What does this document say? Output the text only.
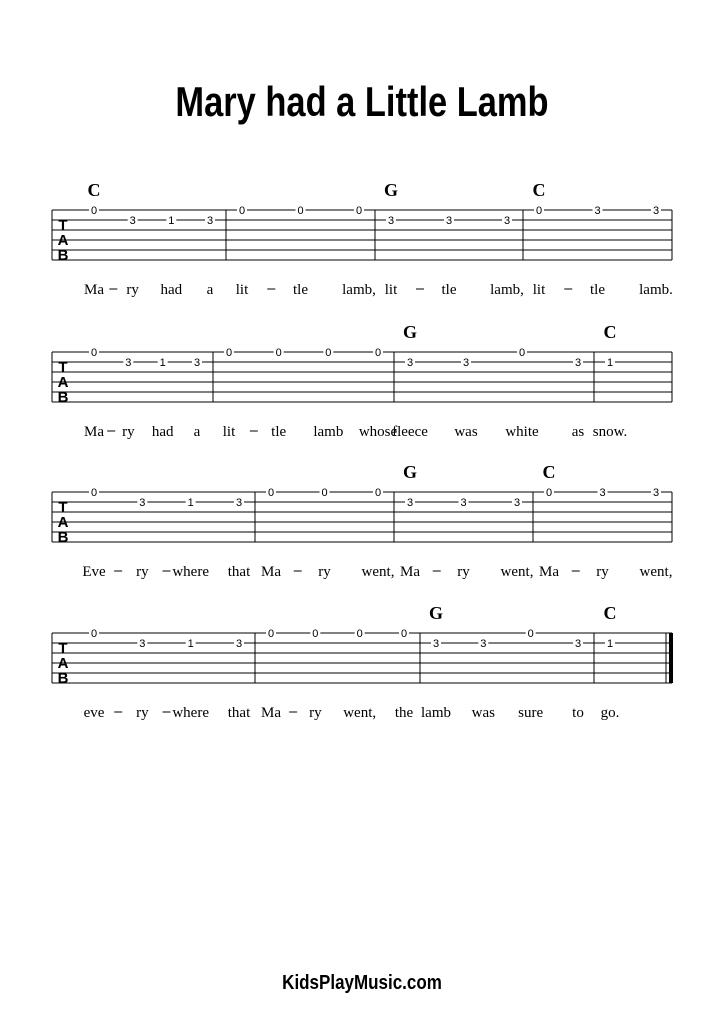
Mary had a Little Lamb
T
A
B
0
3	1	3
0	0	0
3	3	3
0	3	3
C	G	C
Ma ry had a lit	tle lamb, lit	tle lamb, lit	tle lamb.
T
A
B
0
3	1	3
0	0	0	0
3	3
0
3 1
G	C
Ma ry had a lit tle lamb whose
fleece was white as snow.
T
A
B
0
3	1	3
0	0	0
3	3	3
0	3	3
G	C
Eve ry where that Ma ry went, Ma ry went, Ma ry went,
T
A
B
0
3	1	3
0	0	0	0
3	3
0
3 1
G	C
eve ry where that Ma ry went, the lamb was sure to go.
KidsPlayMusic.com
